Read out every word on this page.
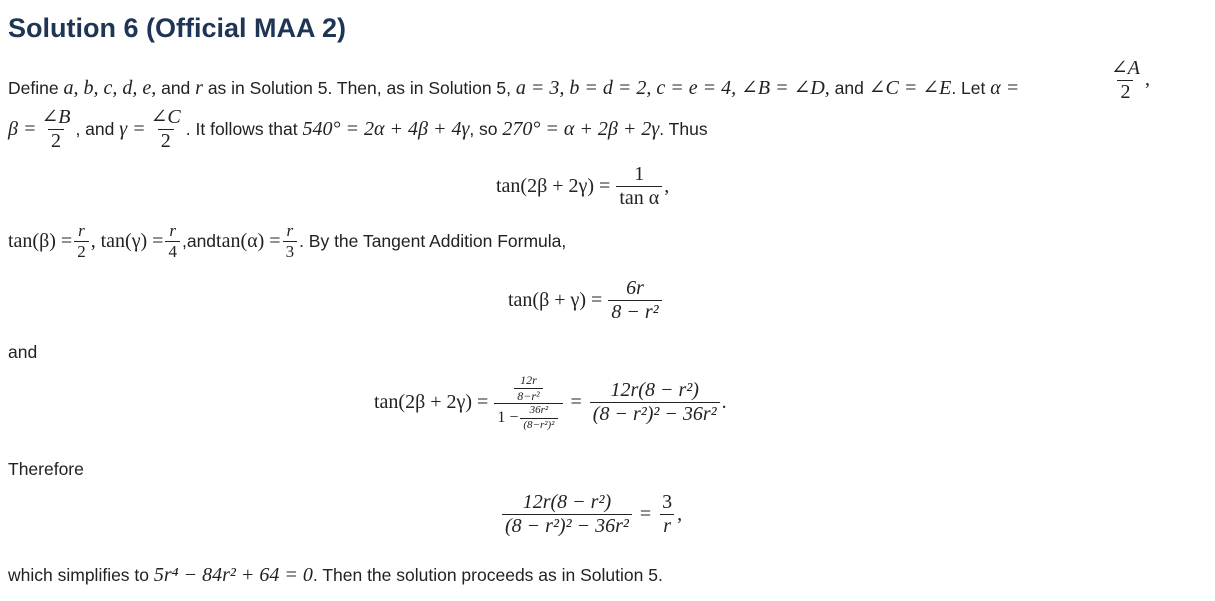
Solution 6 (Official MAA 2)
Define a, b, c, d, e, and r as in Solution 5. Then, as in Solution 5, a = 3, b = d = 2, c = e = 4, ∠B = ∠D, and ∠C = ∠E. Let α =	$\frac{\angle A}{2}$ ,
$\beta = \frac{\angle B}{2}$ , and
$\gamma = \frac{\angle C}{2}$ . It follows that
540° = 2α + 4β + 4γ , so
270° = α + 2β + 2γ . Thus
$\tan(2\beta + 2\gamma) = \frac{1}{\text{tan α}}$ ,
$\tan(\beta) = \frac{r}{2}$ ,
$\tan(\gamma) = \frac{r}{4}$ , and $\tan(\alpha) = \frac{r}{3}$ . By the Tangent Addition Formula,
$\tan(\beta + \gamma) = \frac{6r}{\text{8 − r²}}$
and
$\tan(2\beta + 2\gamma) = \frac{\frac{12r}{\text{8−r²}}}{1 - \frac{\text{36r²}}{\text{(8−r²)²}}} = \frac{\text{12r(8 − r²)}}{\text{(8 − r²)² − 36r²}}$ .
Therefore
$\frac{\text{12r(8 − r²)}}{\text{(8 − r²)² − 36r²}} = \frac{3}{r}$ ,
which simplifies to 5r⁴ − 84r² + 64 = 0. Then the solution proceeds as in Solution 5.
